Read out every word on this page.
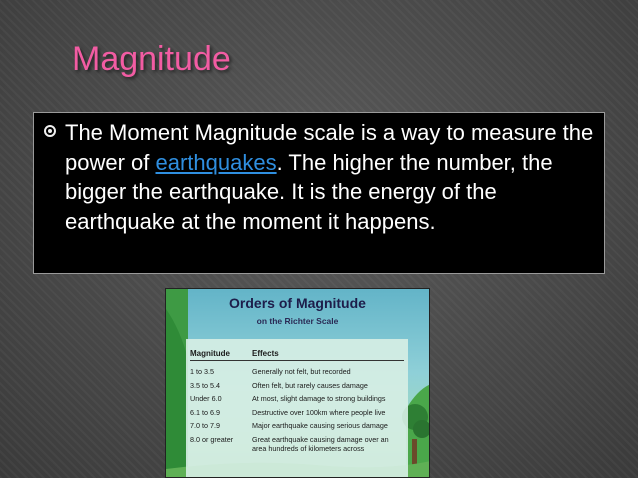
Magnitude

The Moment Magnitude scale is a way to measure the power of earthquakes. The higher the number, the bigger the earthquake. It is the energy of the earthquake at the moment it happens.

Orders of Magnitude

on the Richter Scale

Magnitude	Effects
1 to 3.5	Generally not felt, but recorded
3.5 to 5.4	Often felt, but rarely causes damage
Under 6.0	At most, slight damage to strong buildings
6.1 to 6.9	Destructive over 100km where people live
7.0 to 7.9	Major earthquake causing serious damage
8.0 or greater	Great earthquake causing damage over an area hundreds of kilometers across
